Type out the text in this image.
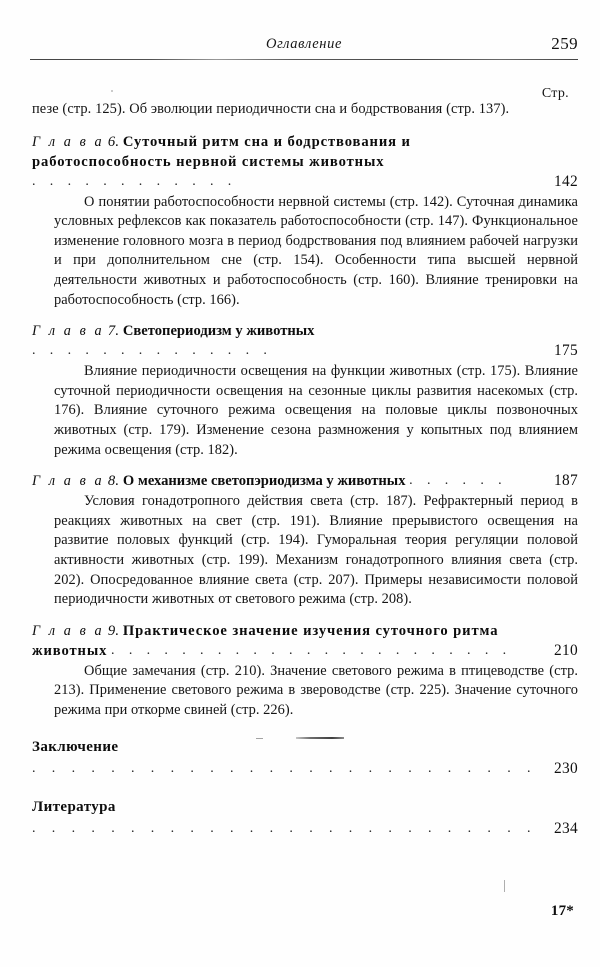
Оглавление	259
Стр.

пезе (стр. 125). Об эволюции периодичности сна и бодрствования (стр. 137).

Г л а в а 6. Суточный ритм сна и бодрствования и работоспособность нервной системы животных . . . . . . . . . . . .	142
О понятии работоспособности нервной системы (стр. 142). Суточная динамика условных рефлексов как показатель работоспособности (стр. 147). Функциональное изменение головного мозга в период бодрствования под влиянием рабочей нагрузки и при дополнительном сне (стр. 154). Особенности типа высшей нервной деятельности животных и работоспособность (стр. 160). Влияние тренировки на работоспособность (стр. 166).
Г л а в а 7. Светопериодизм у животных . . . . . . . . . . . . . .	175
Влияние периодичности освещения на функции животных (стр. 175). Влияние суточной периодичности освещения на сезонные циклы развития насекомых (стр. 176). Влияние суточного режима освещения на половые циклы позвоночных животных (стр. 179). Изменение сезона размножения у копытных под влиянием режима освещения (стр. 182).
Г л а в а 8. О механизме светопэриодизма у животных . . . . . .	187
Условия гонадотропного действия света (стр. 187). Рефрактерный период в реакциях животных на свет (стр. 191). Влияние прерывистого освещения на развитие половых функций (стр. 194). Гуморальная теория регуляции половой активности животных (стр. 199). Механизм гонадотропного влияния света (стр. 202). Опосредованное влияние света (стр. 207). Примеры независимости половой периодичности животных от светового режима (стр. 208).
Г л а в а 9. Практическое значение изучения суточного ритма животных . . . . . . . . . . . . . . . . . . . . . . .	210
Общие замечания (стр. 210). Значение светового режима в птицеводстве (стр. 213). Применение светового режима в звероводстве (стр. 225). Значение суточного режима при откорме свиней (стр. 226).
Заключение . . . . . . . . . . . . . . . . . . . . . . . . . . 230
Литература . . . . . . . . . . . . . . . . . . . . . . . . . . 234
17*
